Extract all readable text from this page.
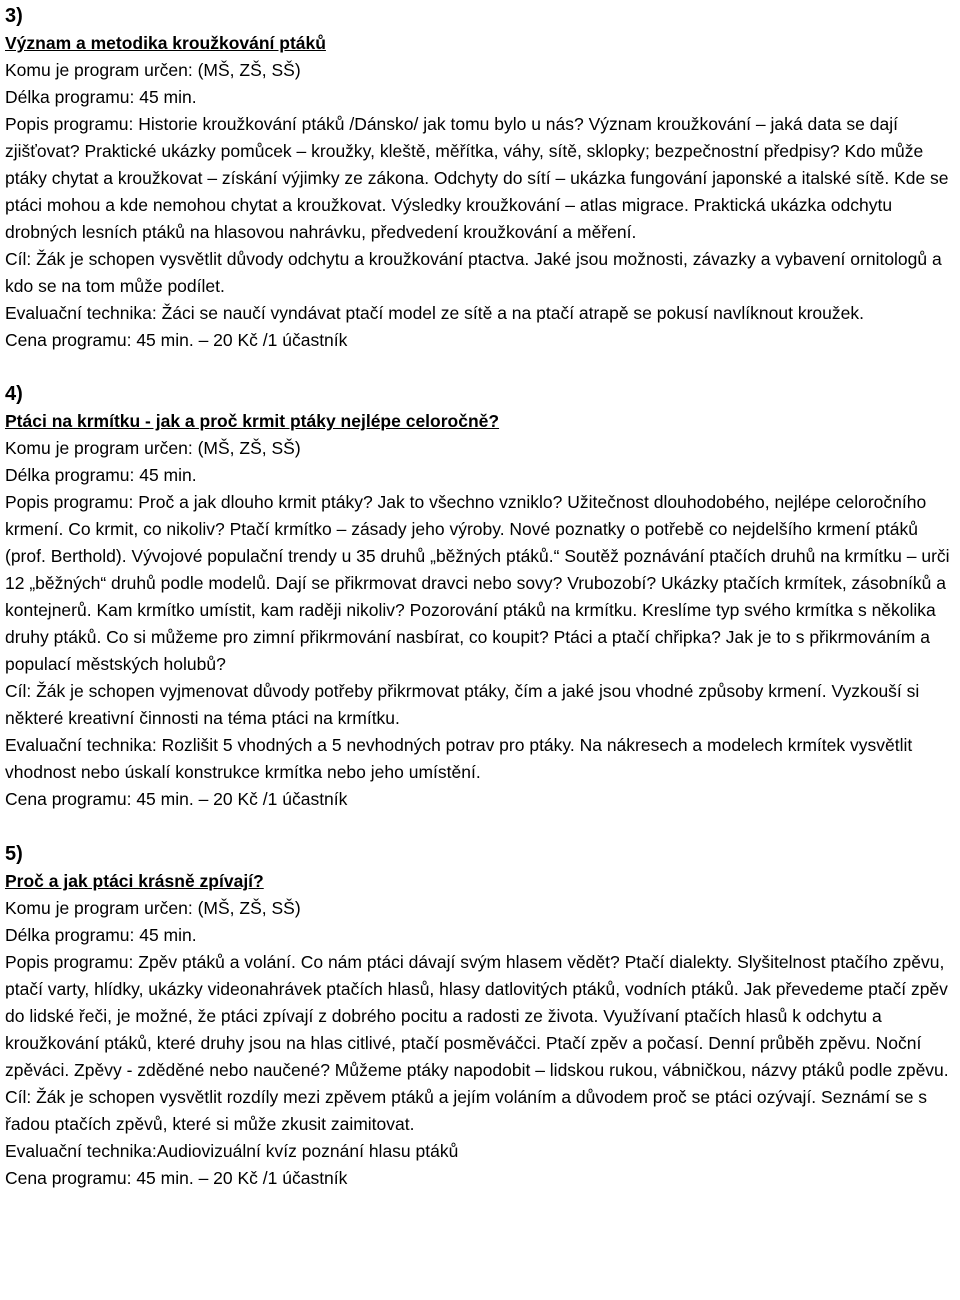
3)

Význam a metodika kroužkování ptáků

Komu je program určen: (MŠ, ZŠ, SŠ)

Délka programu: 45 min.

Popis programu: Historie kroužkování ptáků /Dánsko/ jak tomu bylo u nás? Význam kroužkování – jaká data se dají zjišťovat? Praktické ukázky pomůcek – kroužky, kleště, měřítka, váhy, sítě, sklopky; bezpečnostní předpisy? Kdo může ptáky chytat a kroužkovat – získání výjimky ze zákona. Odchyty do sítí – ukázka fungování japonské a italské sítě. Kde se ptáci mohou a kde nemohou chytat a kroužkovat. Výsledky kroužkování – atlas migrace. Praktická ukázka odchytu drobných lesních ptáků na hlasovou nahrávku, předvedení kroužkování a měření.

Cíl: Žák je schopen vysvětlit důvody odchytu a kroužkování ptactva. Jaké jsou možnosti, závazky a vybavení ornitologů a kdo se na tom může podílet.

Evaluační technika: Žáci se naučí vyndávat ptačí model ze sítě a na ptačí atrapě se pokusí navlíknout kroužek.

Cena programu: 45 min. – 20 Kč /1 účastník

4)

Ptáci na krmítku - jak a proč krmit ptáky nejlépe celoročně?

Komu je program určen: (MŠ, ZŠ, SŠ)

Délka programu: 45 min.

Popis programu: Proč a jak dlouho krmit ptáky? Jak to všechno vzniklo? Užitečnost dlouhodobého, nejlépe celoročního krmení. Co krmit, co nikoliv? Ptačí krmítko – zásady jeho výroby. Nové poznatky o potřebě co nejdelšího krmení ptáků (prof. Berthold). Vývojové populační trendy u 35 druhů „běžných ptáků.“ Soutěž poznávání ptačích druhů na krmítku – urči 12 „běžných“ druhů podle modelů. Dají se přikrmovat dravci nebo sovy? Vrubozobí? Ukázky ptačích krmítek, zásobníků a kontejnerů. Kam krmítko umístit, kam raději nikoliv? Pozorování ptáků na krmítku. Kreslíme typ svého krmítka s několika druhy ptáků. Co si můžeme pro zimní přikrmování nasbírat, co koupit? Ptáci a ptačí chřipka? Jak je to s přikrmováním a populací městských holubů?

Cíl: Žák je schopen vyjmenovat důvody potřeby přikrmovat ptáky, čím a jaké jsou vhodné způsoby krmení. Vyzkouší si některé kreativní činnosti na téma ptáci na krmítku.

Evaluační technika: Rozlišit 5 vhodných a 5 nevhodných potrav pro ptáky. Na nákresech a modelech krmítek vysvětlit vhodnost nebo úskalí konstrukce krmítka nebo jeho umístění.

Cena programu: 45 min. – 20 Kč /1 účastník

5)

Proč a jak ptáci krásně zpívají?

Komu je program určen: (MŠ, ZŠ, SŠ)

Délka programu: 45 min.

Popis programu: Zpěv ptáků a volání. Co nám ptáci dávají svým hlasem vědět? Ptačí dialekty. Slyšitelnost ptačího zpěvu, ptačí varty, hlídky, ukázky videonahrávek ptačích hlasů, hlasy datlovitých ptáků, vodních ptáků. Jak převedeme ptačí zpěv do lidské řeči, je možné, že ptáci zpívají z dobrého pocitu a radosti ze života. Využívaní ptačích hlasů k odchytu a kroužkování ptáků, které druhy jsou na hlas citlivé, ptačí posměváčci. Ptačí zpěv a počasí. Denní průběh zpěvu. Noční zpěváci. Zpěvy - zděděné nebo naučené? Můžeme ptáky napodobit – lidskou rukou, vábničkou, názvy ptáků podle zpěvu.

Cíl: Žák je schopen vysvětlit rozdíly mezi zpěvem ptáků a jejím voláním a důvodem proč se ptáci ozývají. Seznámí se s řadou ptačích zpěvů, které si může zkusit zaimitovat.

Evaluační technika:Audiovizuální kvíz poznání hlasu ptáků

Cena programu: 45 min. – 20 Kč /1 účastník
